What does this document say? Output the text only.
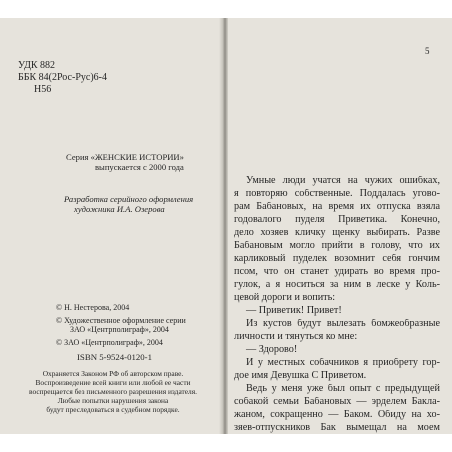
УДК 882
ББК 84(2Рос-Рус)6-4
Н56
Серия «ЖЕНСКИЕ ИСТОРИИ»
выпускается с 2000 года
Разработка серийного оформления
художника И.А. Озерова
© Н. Нестерова, 2004
© Художественное оформление серии
ЗАО «Центрполиграф», 2004
© ЗАО «Центрполиграф», 2004
ISBN 5-9524-0120-1
Охраняется Законом РФ об авторском праве.
Воспроизведение всей книги или любой ее части
воспрещается без письменного разрешения издателя.
Любые попытки нарушения закона
будут преследоваться в судебном порядке.
5
Умные люди учатся на чужих ошибках,
я повторяю собственные. Поддалась угово-
рам Бабановых, на время их отпуска взяла
годовалого пуделя Приветика. Конечно,
дело хозяев кличку щенку выбирать. Разве
Бабановым могло прийти в голову, что их
карликовый пуделек возомнит себя гончим
псом, что он станет удирать во время про-
гулок, а я носиться за ним в леске у Коль-
цевой дороги и вопить:
— Приветик! Привет!
Из кустов будут вылезать бомжеобразные
личности и тянуться ко мне:
— Здорово!
И у местных собачников я приобрету гор-
дое имя Девушка С Приветом.
Ведь у меня уже был опыт с предыдущей
собакой семьи Бабановых — эрделем Бакла-
жаном, сокращенно — Баком. Обиду на хо-
зяев-отпускников Бак вымещал на моем
